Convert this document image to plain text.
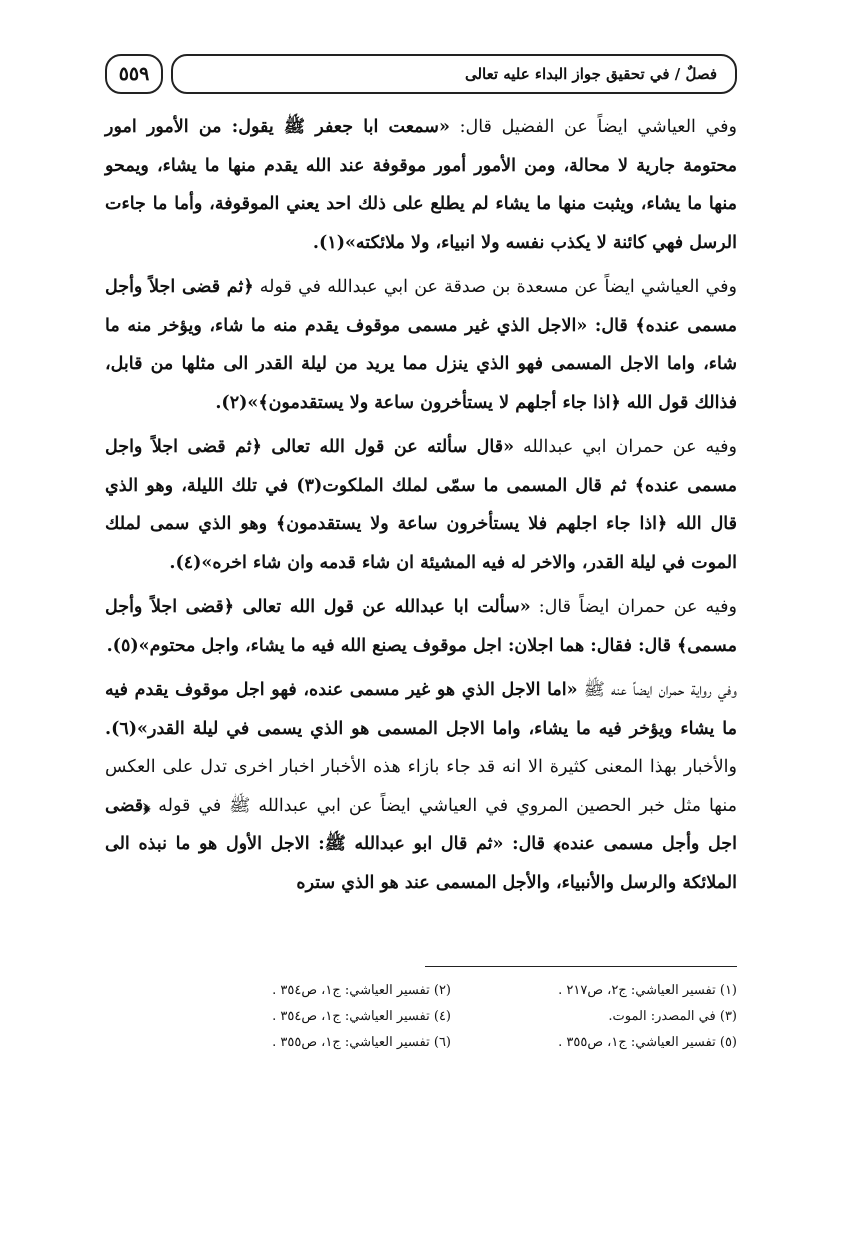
٥٥٩	فصلٌ / في تحقيق جواز البداء عليه تعالى

وفي العياشي ايضاً عن الفضيل قال: «سمعت ابا جعفر ﷺ يقول: من الأمور امور محتومة جارية لا محالة، ومن الأمور أمور موقوفة عند الله يقدم منها ما يشاء، ويمحو منها ما يشاء، ويثبت منها ما يشاء لم يطلع على ذلك احد يعني الموقوفة، وأما ما جاءت الرسل فهي كائنة لا يكذب نفسه ولا انبياء، ولا ملائكته»(١).

وفي العياشي ايضاً عن مسعدة بن صدقة عن ابي عبدالله في قوله ﴿ثم قضى اجلاً وأجل مسمى عنده﴾ قال: «الاجل الذي غير مسمى موقوف يقدم منه ما شاء، ويؤخر منه ما شاء، واما الاجل المسمى فهو الذي ينزل مما يريد من ليلة القدر الى مثلها من قابل، فذالك قول الله ﴿اذا جاء أجلهم لا يستأخرون ساعة ولا يستقدمون﴾»(٢).

وفيه عن حمران ابي عبدالله «قال سألته عن قول الله تعالى ﴿ثم قضى اجلاً واجل مسمى عنده﴾ ثم قال المسمى ما سمّى لملك الملكوت(٣) في تلك الليلة، وهو الذي قال الله ﴿اذا جاء اجلهم فلا يستأخرون ساعة ولا يستقدمون﴾ وهو الذي سمى لملك الموت في ليلة القدر، والاخر له فيه المشيئة ان شاء قدمه وان شاء اخره»(٤).

وفيه عن حمران ايضاً قال: «سألت ابا عبدالله عن قول الله تعالى ﴿قضى اجلاً وأجل مسمى﴾ قال: فقال: هما اجلان: اجل موقوف يصنع الله فيه ما يشاء، واجل محتوم»(٥).

وفي رواية حمران ايضاً عنه ﷺ «اما الاجل الذي هو غير مسمى عنده، فهو اجل موقوف يقدم فيه ما يشاء ويؤخر فيه ما يشاء، واما الاجل المسمى هو الذي يسمى في ليلة القدر»(٦). والأخبار بهذا المعنى كثيرة الا انه قد جاء بازاء هذه الأخبار اخبار اخرى تدل على العكس منها مثل خبر الحصين المروي في العياشي ايضاً عن ابي عبدالله ﷺ في قوله ﴿قضى اجل وأجل مسمى عنده﴾ قال: «ثم قال ابو عبدالله ﷺ: الاجل الأول هو ما نبذه الى الملائكة والرسل والأنبياء، والأجل المسمى عند هو الذي ستره

(١) تفسير العياشي: ج٢، ص٢١٧ .
(٢) تفسير العياشي: ج١، ص٣٥٤ .
(٣) في المصدر: الموت.
(٤) تفسير العياشي: ج١، ص٣٥٤ .
(٥) تفسير العياشي: ج١، ص٣٥٥ .
(٦) تفسير العياشي: ج١، ص٣٥٥ .
